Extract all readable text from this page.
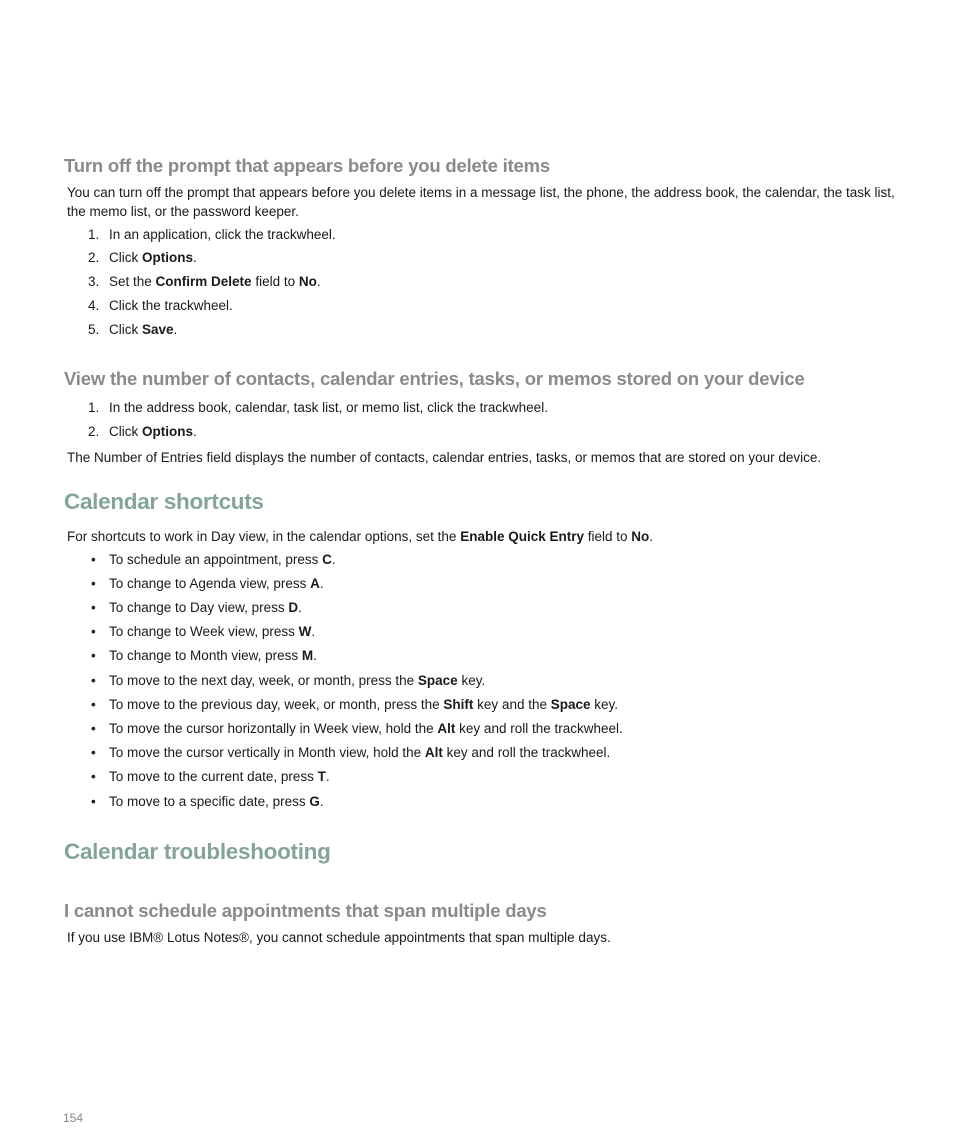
Turn off the prompt that appears before you delete items
You can turn off the prompt that appears before you delete items in a message list, the phone, the address book, the calendar, the task list, the memo list, or the password keeper.
1. In an application, click the trackwheel.
2. Click Options.
3. Set the Confirm Delete field to No.
4. Click the trackwheel.
5. Click Save.
View the number of contacts, calendar entries, tasks, or memos stored on your device
1. In the address book, calendar, task list, or memo list, click the trackwheel.
2. Click Options.
The Number of Entries field displays the number of contacts, calendar entries, tasks, or memos that are stored on your device.
Calendar shortcuts
For shortcuts to work in Day view, in the calendar options, set the Enable Quick Entry field to No.
• To schedule an appointment, press C.
• To change to Agenda view, press A.
• To change to Day view, press D.
• To change to Week view, press W.
• To change to Month view, press M.
• To move to the next day, week, or month, press the Space key.
• To move to the previous day, week, or month, press the Shift key and the Space key.
• To move the cursor horizontally in Week view, hold the Alt key and roll the trackwheel.
• To move the cursor vertically in Month view, hold the Alt key and roll the trackwheel.
• To move to the current date, press T.
• To move to a specific date, press G.
Calendar troubleshooting
I cannot schedule appointments that span multiple days
If you use IBM® Lotus Notes®, you cannot schedule appointments that span multiple days.
154
